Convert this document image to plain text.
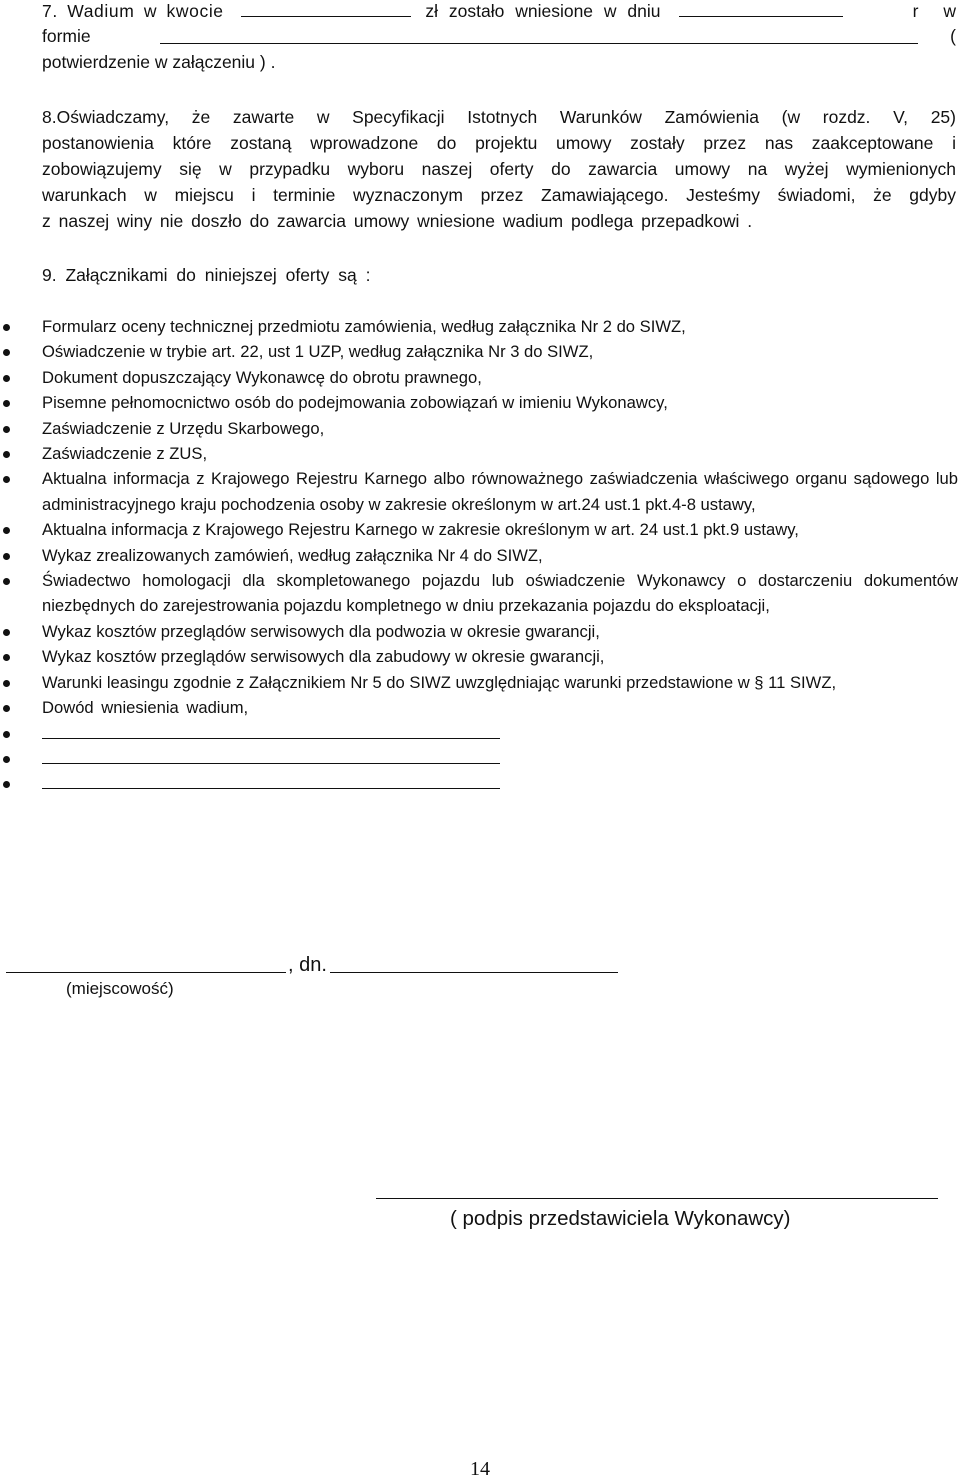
7. Wadium w kwocie	zł zostało wniesione w dniu	r w
formie	(
potwierdzenie w załączeniu ) .
8.Oświadczamy, że zawarte w Specyfikacji Istotnych Warunków Zamówienia (w rozdz. V, 25)
postanowienia które zostaną wprowadzone do projektu umowy zostały przez nas zaakceptowane i
zobowiązujemy się w przypadku wyboru naszej oferty do zawarcia umowy na wyżej wymienionych
warunkach w miejscu i terminie wyznaczonym przez Zamawiającego. Jesteśmy świadomi, że gdyby
z naszej winy nie doszło do zawarcia umowy wniesione wadium podlega przepadkowi .
9. Załącznikami do niniejszej oferty są :
Formularz oceny technicznej przedmiotu zamówienia, według załącznika Nr 2 do SIWZ,
Oświadczenie w trybie art. 22, ust 1 UZP, według załącznika Nr 3 do SIWZ,
Dokument dopuszczający Wykonawcę do obrotu prawnego,
Pisemne pełnomocnictwo osób do podejmowania zobowiązań w imieniu Wykonawcy,
Zaświadczenie z Urzędu Skarbowego,
Zaświadczenie z ZUS,
Aktualna informacja z Krajowego Rejestru Karnego albo równoważnego zaświadczenia właściwego organu sądowego lub administracyjnego kraju pochodzenia osoby w zakresie określonym w art.24 ust.1 pkt.4-8 ustawy,
Aktualna informacja z Krajowego Rejestru Karnego w zakresie określonym w art. 24 ust.1 pkt.9 ustawy,
Wykaz zrealizowanych zamówień, według załącznika Nr 4 do SIWZ,
Świadectwo homologacji dla skompletowanego pojazdu lub oświadczenie Wykonawcy o dostarczeniu dokumentów niezbędnych do zarejestrowania pojazdu kompletnego w dniu przekazania pojazdu do eksploatacji,
Wykaz kosztów przeglądów serwisowych dla podwozia w okresie gwarancji,
Wykaz kosztów przeglądów serwisowych dla zabudowy w okresie gwarancji,
Warunki leasingu zgodnie z Załącznikiem Nr 5 do SIWZ uwzględniając warunki przedstawione w § 11 SIWZ,
Dowód wniesienia wadium,
, dn.
(miejscowość)
( podpis przedstawiciela Wykonawcy)
14
